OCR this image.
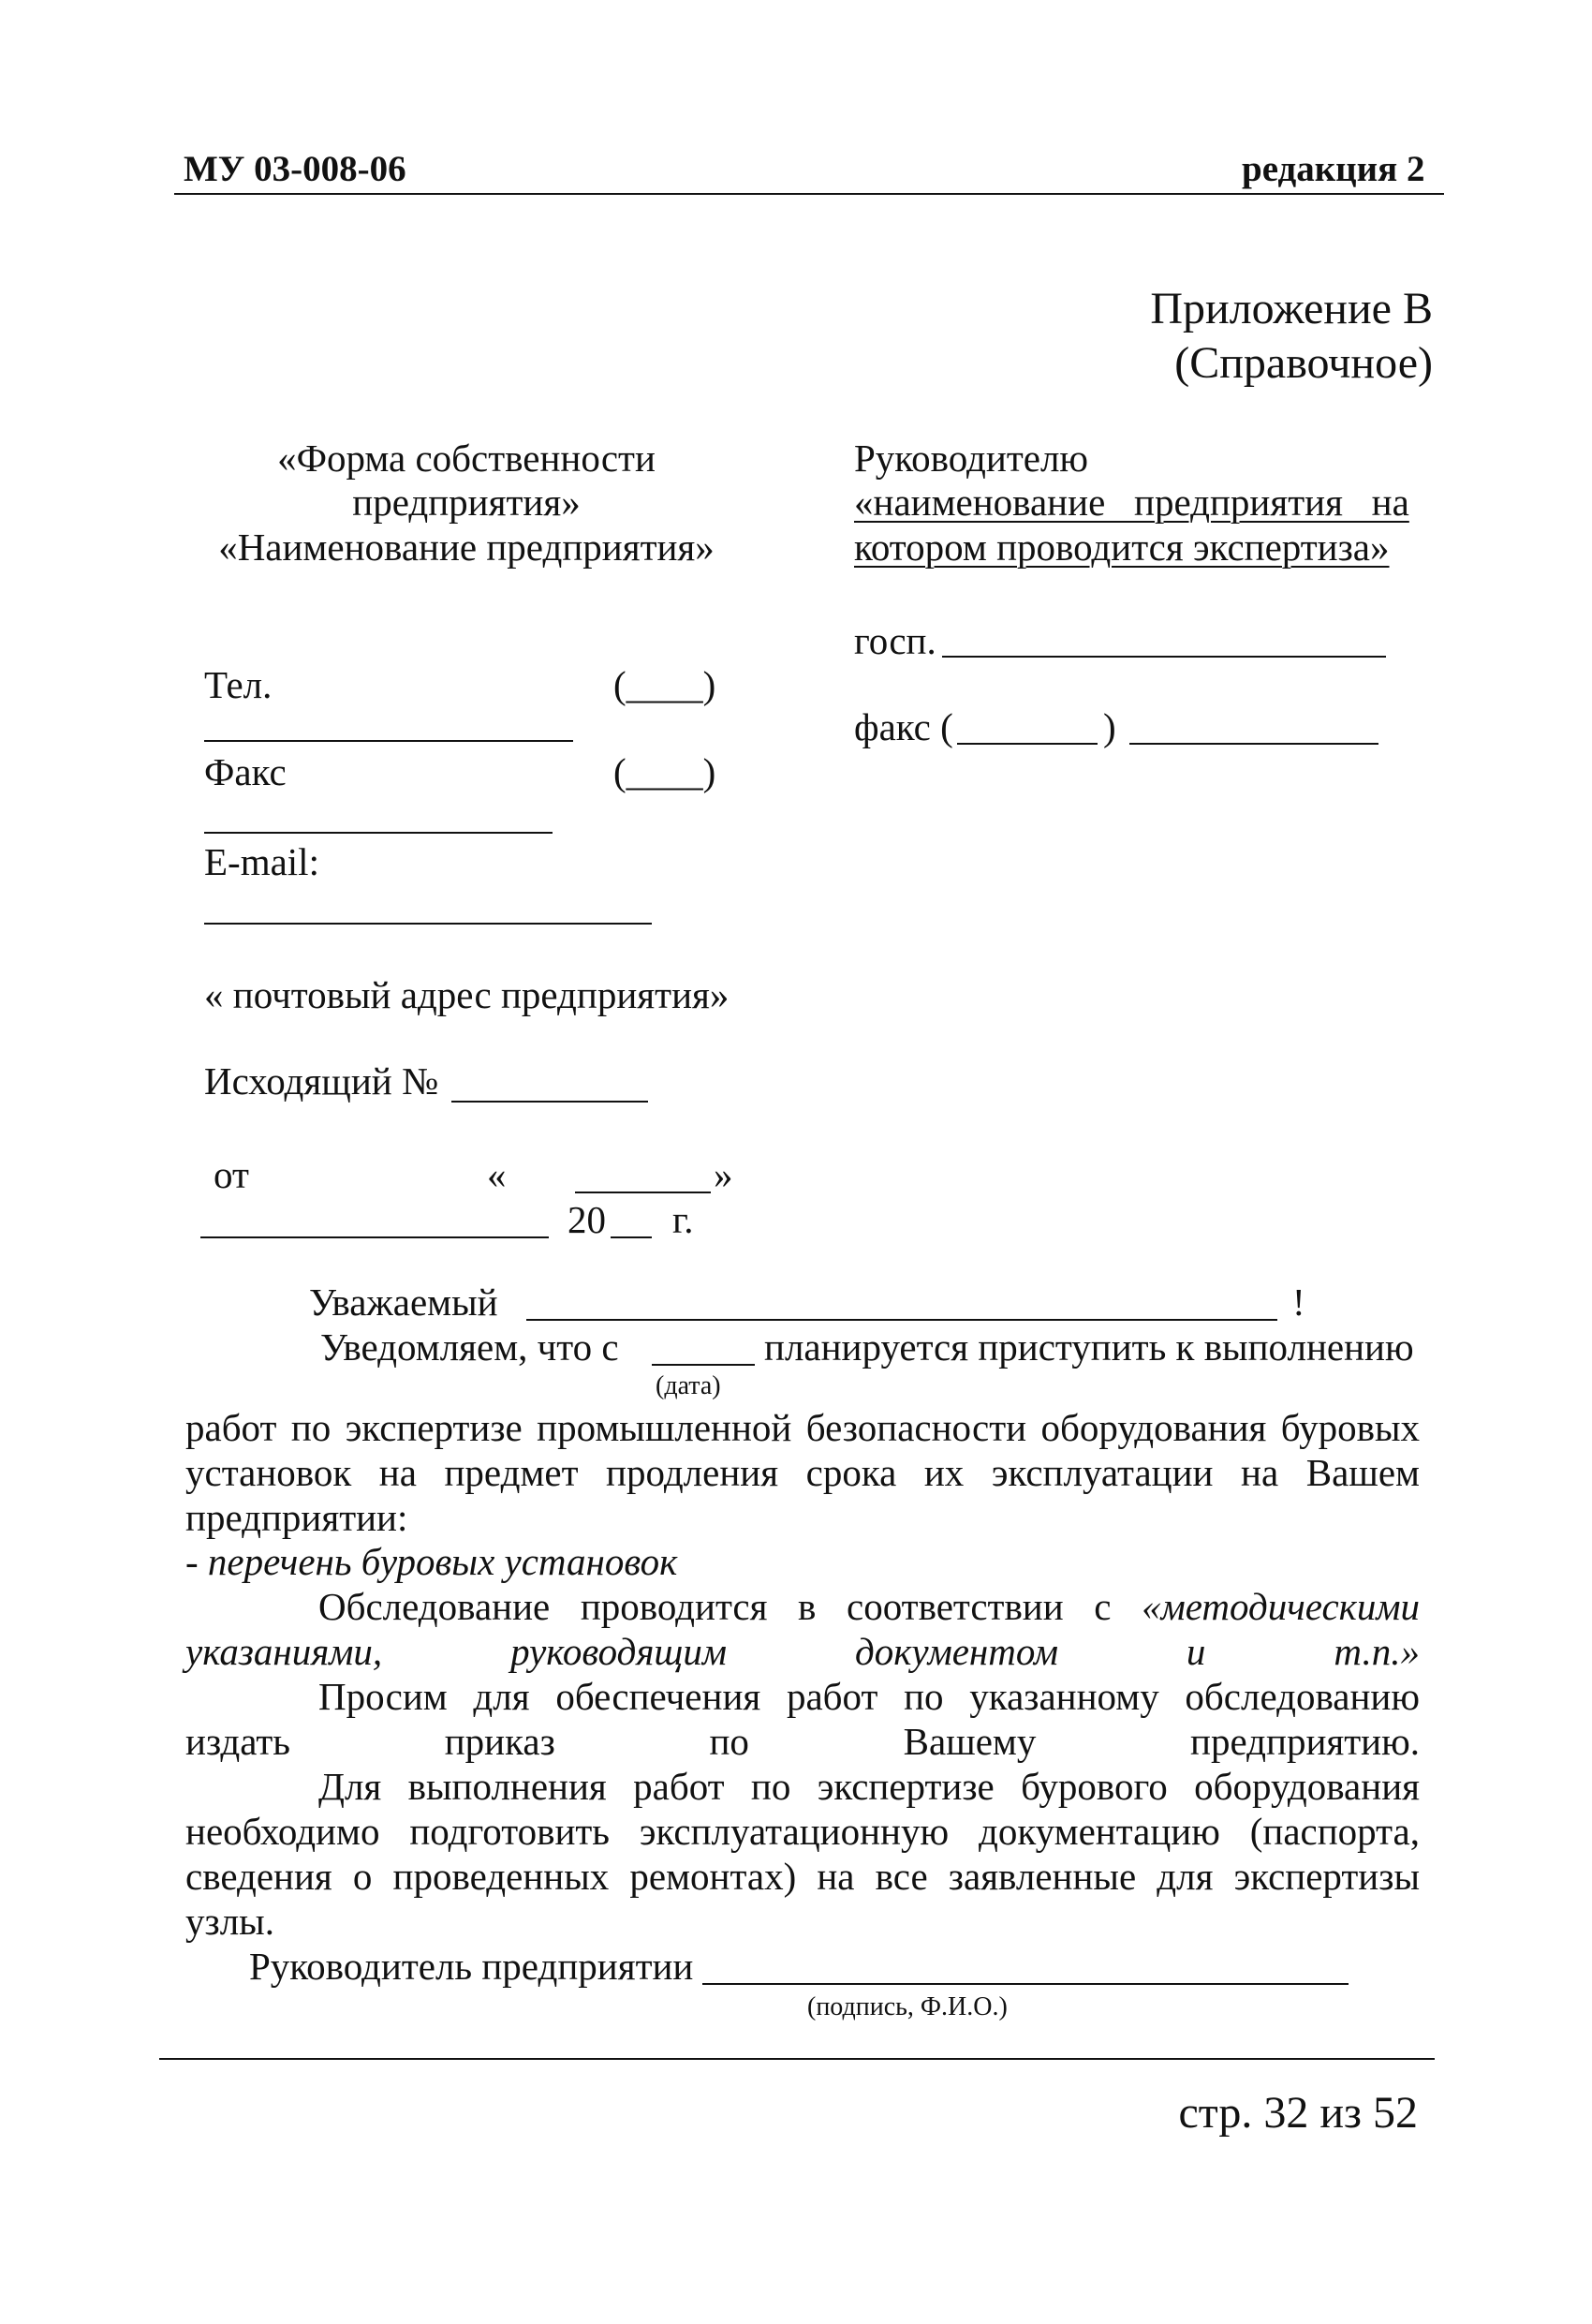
МУ 03-008-06	редакция 2
Приложение В
(Справочное)
«Форма собственности
предприятия»
«Наименование предприятия»
Тел.	(____)
Факс	(____)
E-mail:
« почтовый адрес предприятия»
Исходящий №
от	«	»
20 г.
Руководителю
«наименование   предприятия   на
котором проводится экспертиза»
госп.
факс (	)
Уважаемый	!
Уведомляем, что с	планируется приступить к выполнению
(дата)
работ по экспертизе промышленной безопасности оборудования буровых установок на предмет продления срока их эксплуатации на Вашем предприятии:
- перечень буровых установок
Обследование проводится в соответствии с «методическими указаниями, руководящим документом и т.п.»
Просим для обеспечения работ по указанному обследованию издать приказ по Вашему предприятию.
Для выполнения работ по экспертизе бурового оборудования необходимо подготовить эксплуатационную документацию (паспорта, сведения о проведенных ремонтах) на все заявленные для экспертизы узлы.
Руководитель предприятии
(подпись, Ф.И.О.)
стр. 32 из 52
